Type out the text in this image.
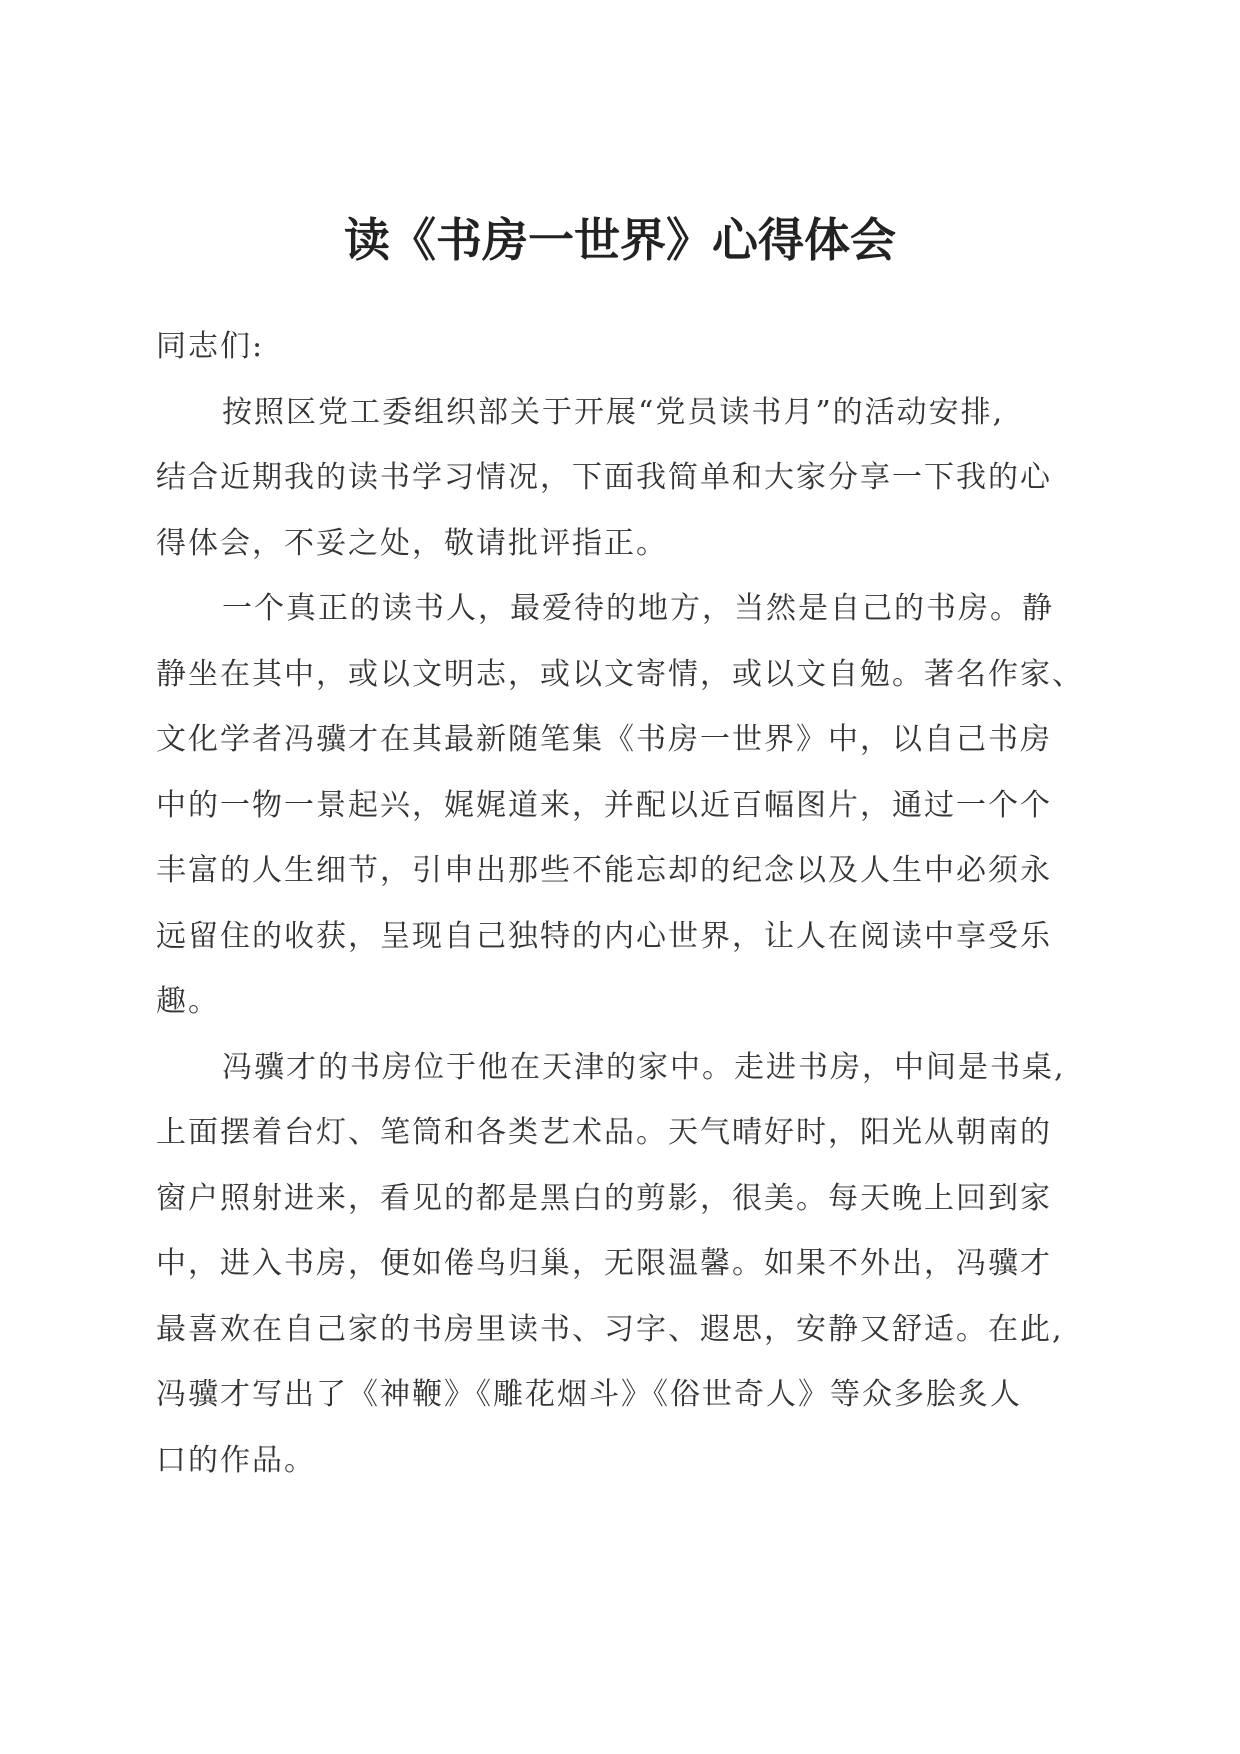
读《书房一世界》心得体会
同志们:
按照区党工委组织部关于开展“党员读书月”的活动安排,
结合近期我的读书学习情况，下面我简单和大家分享一下我的心
得体会，不妥之处，敬请批评指正。
一个真正的读书人，最爱待的地方，当然是自己的书房。静
静坐在其中，或以文明志，或以文寄情，或以文自勉。著名作家、
文化学者冯骥才在其最新随笔集《书房一世界》中，以自己书房
中的一物一景起兴，娓娓道来，并配以近百幅图片，通过一个个
丰富的人生细节，引申出那些不能忘却的纪念以及人生中必须永
远留住的收获，呈现自己独特的内心世界，让人在阅读中享受乐
趣。
冯骥才的书房位于他在天津的家中。走进书房，中间是书桌,
上面摆着台灯、笔筒和各类艺术品。天气晴好时，阳光从朝南的
窗户照射进来，看见的都是黑白的剪影，很美。每天晚上回到家
中，进入书房，便如倦鸟归巢，无限温馨。如果不外出，冯骥才
最喜欢在自己家的书房里读书、习字、遐思，安静又舒适。在此,
冯骥才写出了《神鞭》《雕花烟斗》《俗世奇人》等众多脍炙人
口的作品。
